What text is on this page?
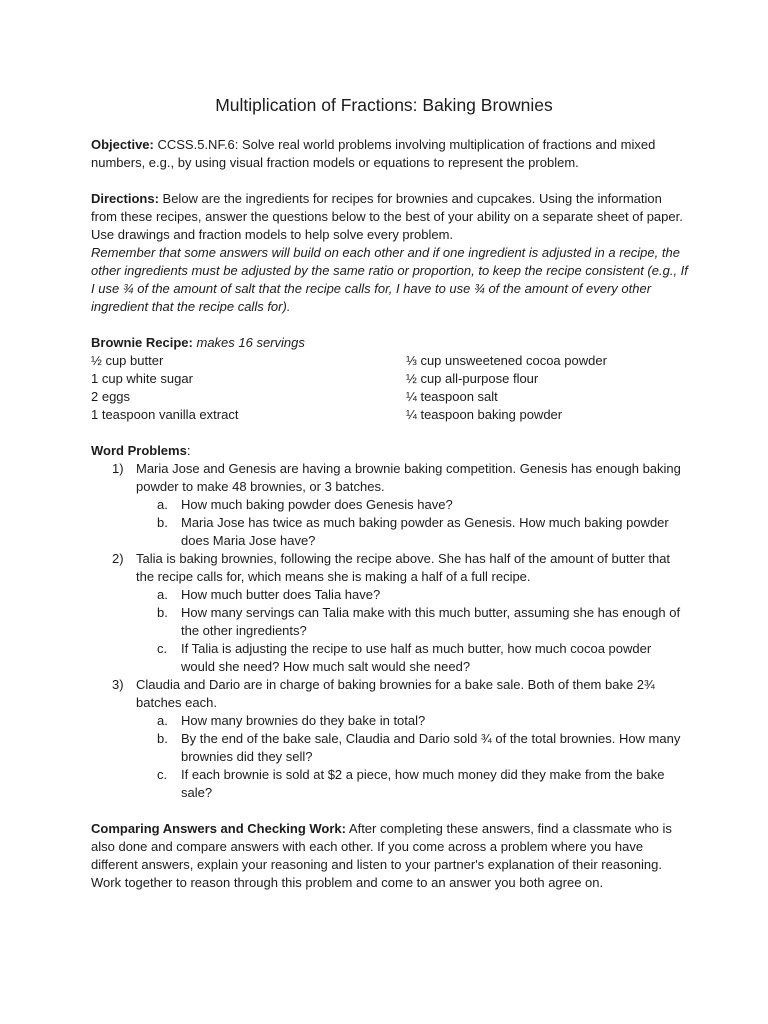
Multiplication of Fractions: Baking Brownies

Objective: CCSS.5.NF.6: Solve real world problems involving multiplication of fractions and mixed numbers, e.g., by using visual fraction models or equations to represent the problem.

Directions: Below are the ingredients for recipes for brownies and cupcakes. Using the information from these recipes, answer the questions below to the best of your ability on a separate sheet of paper. Use drawings and fraction models to help solve every problem.
Remember that some answers will build on each other and if one ingredient is adjusted in a recipe, the other ingredients must be adjusted by the same ratio or proportion, to keep the recipe consistent (e.g., If I use ¾ of the amount of salt that the recipe calls for, I have to use ¾ of the amount of every other ingredient that the recipe calls for).

Brownie Recipe: makes 16 servings

½ cup butter
1 cup white sugar
2 eggs
1 teaspoon vanilla extract
⅓ cup unsweetened cocoa powder
½ cup all-purpose flour
¼ teaspoon salt
¼ teaspoon baking powder

Word Problems:

1) Maria Jose and Genesis are having a brownie baking competition. Genesis has enough baking powder to make 48 brownies, or 3 batches.
a. How much baking powder does Genesis have?
b. Maria Jose has twice as much baking powder as Genesis. How much baking powder does Maria Jose have?
2) Talia is baking brownies, following the recipe above. She has half of the amount of butter that the recipe calls for, which means she is making a half of a full recipe.
a. How much butter does Talia have?
b. How many servings can Talia make with this much butter, assuming she has enough of the other ingredients?
c. If Talia is adjusting the recipe to use half as much butter, how much cocoa powder would she need? How much salt would she need?
3) Claudia and Dario are in charge of baking brownies for a bake sale. Both of them bake 2¾ batches each.
a. How many brownies do they bake in total?
b. By the end of the bake sale, Claudia and Dario sold ¾ of the total brownies. How many brownies did they sell?
c. If each brownie is sold at $2 a piece, how much money did they make from the bake sale?

Comparing Answers and Checking Work: After completing these answers, find a classmate who is also done and compare answers with each other. If you come across a problem where you have different answers, explain your reasoning and listen to your partner's explanation of their reasoning. Work together to reason through this problem and come to an answer you both agree on.
